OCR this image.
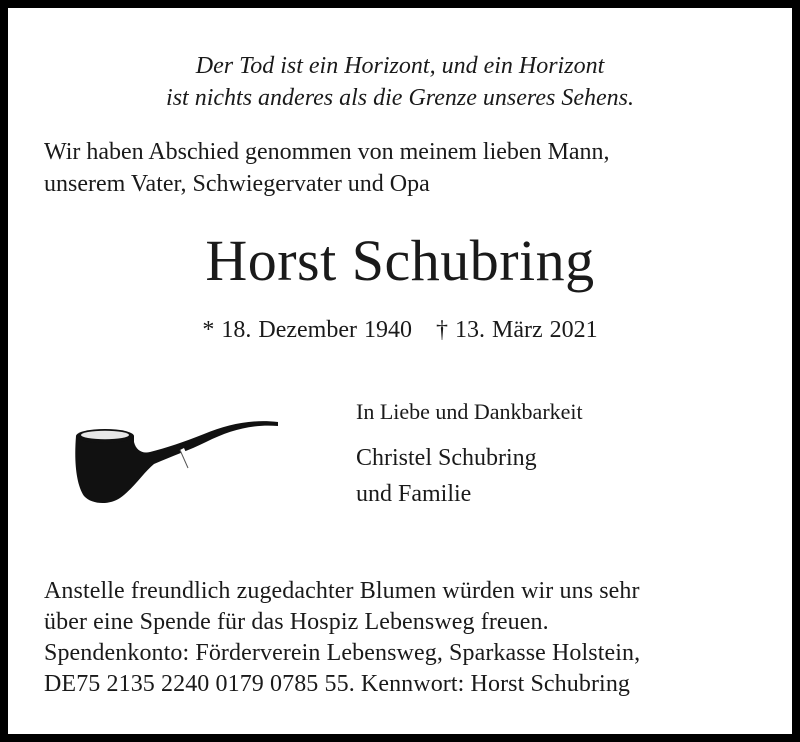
Der Tod ist ein Horizont, und ein Horizont
ist nichts anderes als die Grenze unseres Sehens.
Wir haben Abschied genommen von meinem lieben Mann,
unserem Vater, Schwiegervater und Opa
Horst Schubring
* 18. Dezember 1940 † 13. März 2021
In Liebe und Dankbarkeit
Christel Schubring
und Familie
Anstelle freundlich zugedachter Blumen würden wir uns sehr
über eine Spende für das Hospiz Lebensweg freuen.
Spendenkonto: Förderverein Lebensweg, Sparkasse Holstein,
DE75 2135 2240 0179 0785 55. Kennwort: Horst Schubring
